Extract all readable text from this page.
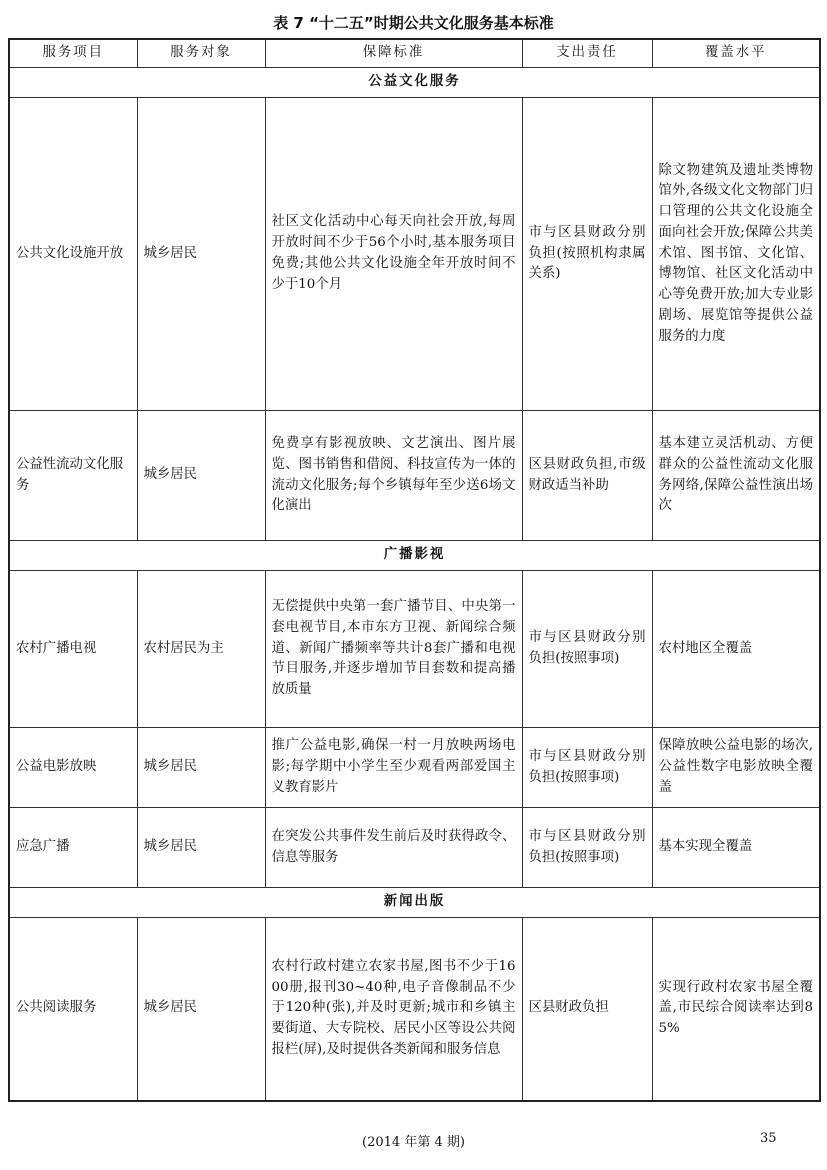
表 7 “十二五”时期公共文化服务基本标准
服务项目	服务对象	保障标准	支出责任	覆盖水平
公益文化服务				
公共文化设施开放	城乡居民	社区文化活动中心每天向社会开放,每周开放时间不少于56个小时,基本服务项目免费;其他公共文化设施全年开放时间不少于10个月	市与区县财政分别负担(按照机构隶属关系)	除文物建筑及遗址类博物馆外,各级文化文物部门归口管理的公共文化设施全面向社会开放;保障公共美术馆、图书馆、文化馆、博物馆、社区文化活动中心等免费开放;加大专业影剧场、展览馆等提供公益服务的力度
公益性流动文化服务	城乡居民	免费享有影视放映、文艺演出、图片展览、图书销售和借阅、科技宣传为一体的流动文化服务;每个乡镇每年至少送6场文化演出	区县财政负担,市级财政适当补助	基本建立灵活机动、方便群众的公益性流动文化服务网络,保障公益性演出场次
广播影视				
农村广播电视	农村居民为主	无偿提供中央第一套广播节目、中央第一套电视节目,本市东方卫视、新闻综合频道、新闻广播频率等共计8套广播和电视节目服务,并逐步增加节目套数和提高播放质量	市与区县财政分别负担(按照事项)	农村地区全覆盖
公益电影放映	城乡居民	推广公益电影,确保一村一月放映两场电影;每学期中小学生至少观看两部爱国主义教育影片	市与区县财政分别负担(按照事项)	保障放映公益电影的场次,公益性数字电影放映全覆盖
应急广播	城乡居民	在突发公共事件发生前后及时获得政令、信息等服务	市与区县财政分别负担(按照事项)	基本实现全覆盖
新闻出版				
公共阅读服务	城乡居民	农村行政村建立农家书屋,图书不少于1600册,报刊30~40种,电子音像制品不少于120种(张),并及时更新;城市和乡镇主要街道、大专院校、居民小区等设公共阅报栏(屏),及时提供各类新闻和服务信息	区县财政负担	实现行政村农家书屋全覆盖,市民综合阅读率达到85%
(2014 年第 4 期)	35
